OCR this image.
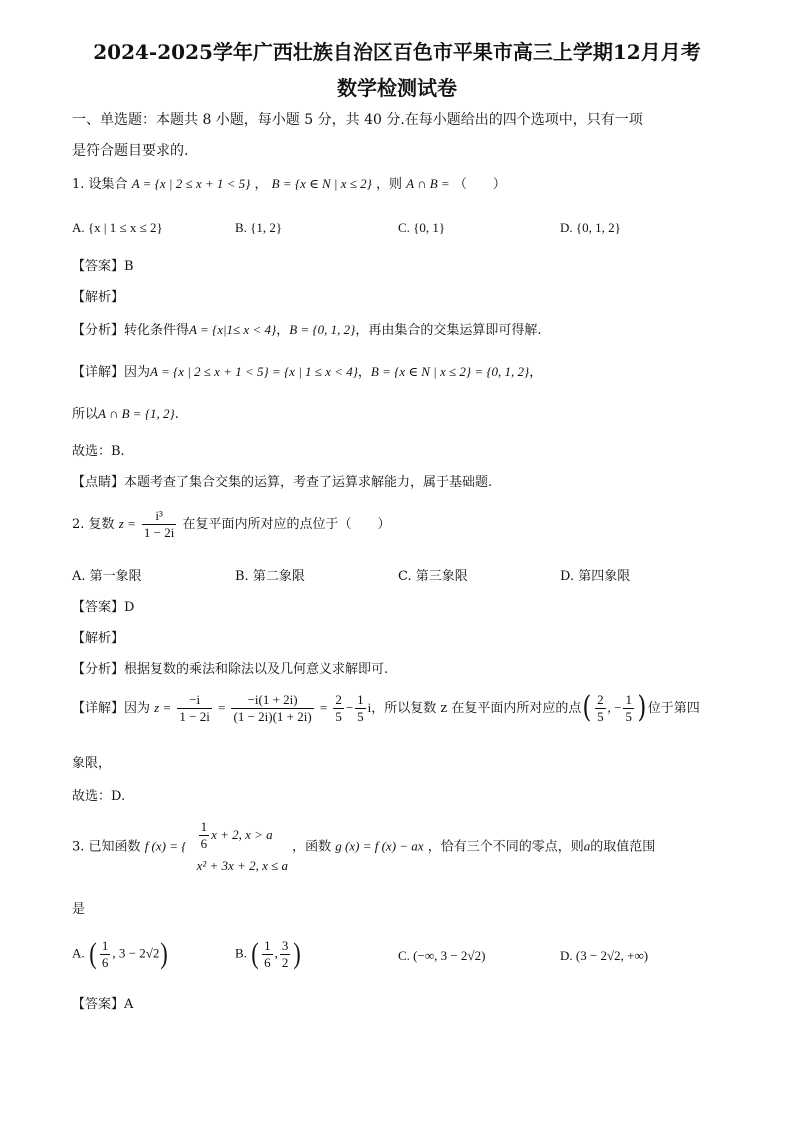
2024-2025学年广西壮族自治区百色市平果市高三上学期12月月考
数学检测试卷
一、单选题：本题共 8 小题，每小题 5 分，共 40 分.在每小题给出的四个选项中，只有一项
是符合题目要求的.
1. 设集合 A = {x | 2 ≤ x + 1 < 5} ， B = {x ∈ N | x ≤ 2} ，则 A ∩ B = （　　）
A. {x | 1 ≤ x ≤ 2}	B. {1, 2}	C. {0, 1}	D. {0, 1, 2}
【答案】B
【解析】
【分析】转化条件得A = {x|1≤ x < 4}，B = {0, 1, 2}，再由集合的交集运算即可得解.
【详解】因为A = {x | 2 ≤ x + 1 < 5} = {x | 1 ≤ x < 4}，B = {x ∈ N | x ≤ 2} = {0, 1, 2}，
所以A ∩ B = {1, 2}.
故选：B.
【点睛】本题考查了集合交集的运算，考查了运算求解能力，属于基础题.
2. 复数 $z = \frac{\text{i³}}{1 - 2i}$ 在复平面内所对应的点位于（　　）
A. 第一象限	B. 第二象限	C. 第三象限	D. 第四象限
【答案】D
【解析】
【分析】根据复数的乘法和除法以及几何意义求解即可.
【详解】因为 $z = \frac{-i}{1 - 2i} = \frac{-i(1 + 2i)}{(1 - 2i)(1 + 2i)} = \frac{2}{5} - \frac{1}{5}$ i，所以复数 z 在复平面内所对应的点( $\frac{2}{5}$ , − $\frac{1}{5}$ )位于第四
象限，
故选：D.
3. 已知函数 f (x) = { $\frac{1}{6}$ x + 2, x > a
x² + 3x + 2, x ≤ a
，函数 g (x) = f (x) − ax ，恰有三个不同的零点，则a的取值范围
是
A. ( $\frac{1}{6}$ , 3 − 2√2)	B. ( $\frac{1}{6}$ , $\frac{3}{2}$ )	C. (−∞, 3 − 2√2)	D. (3 − 2√2, +∞)
【答案】A
